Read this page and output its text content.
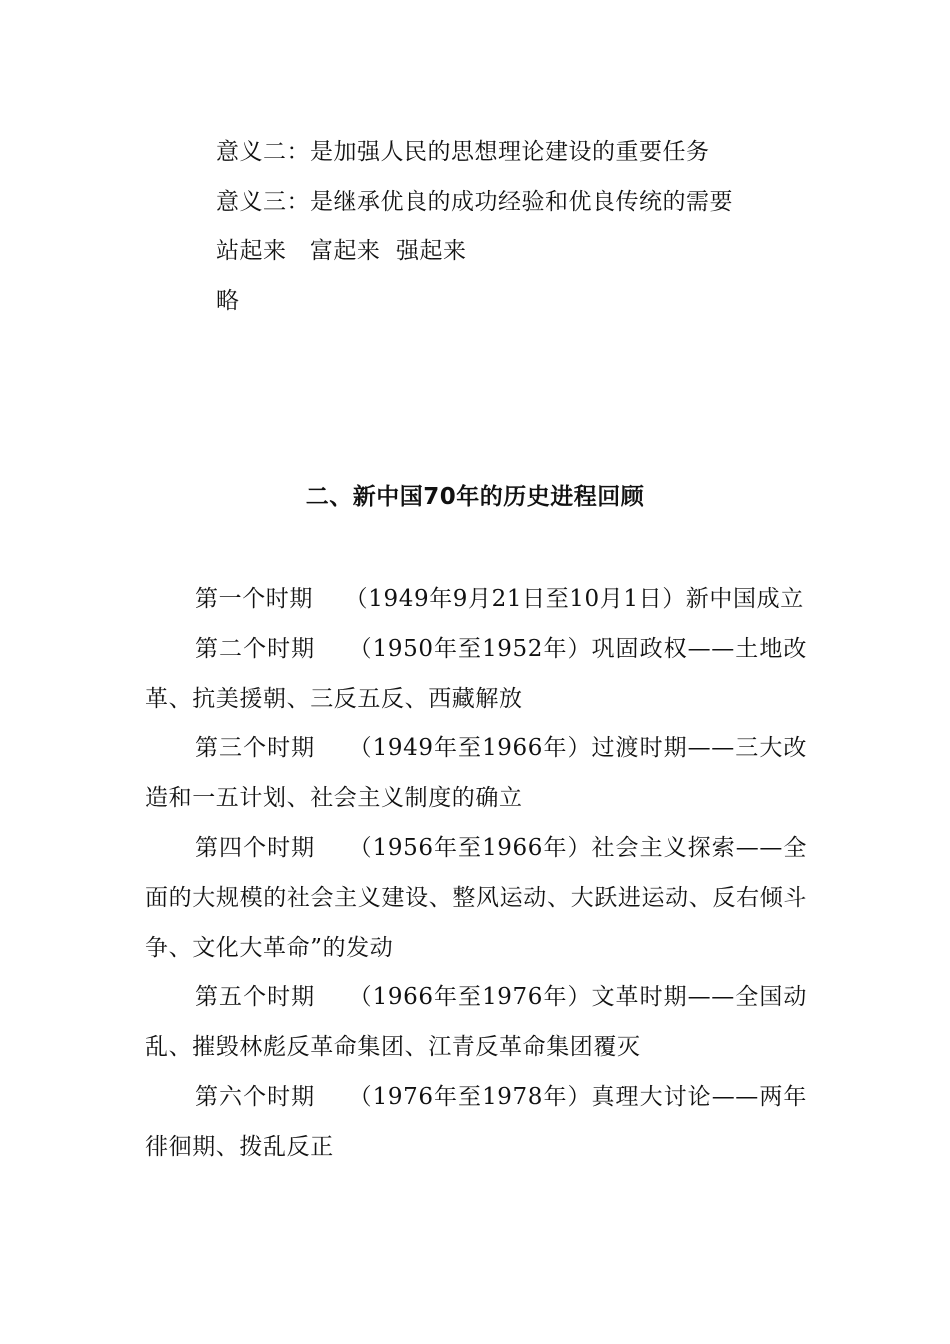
意义二：是加强人民的思想理论建设的重要任务
意义三：是继承优良的成功经验和优良传统的需要
站起来   富起来  强起来
略
二、新中国70年的历史进程回顾

第一个时期 （1949年9月21日至10月1日）新中国成立

第二个时期 （1950年至1952年）巩固政权——土地改革、抗美援朝、三反五反、西藏解放

第三个时期 （1949年至1966年）过渡时期——三大改造和一五计划、社会主义制度的确立

第四个时期 （1956年至1966年）社会主义探索——全面的大规模的社会主义建设、整风运动、大跃进运动、反右倾斗争、文化大革命”的发动

第五个时期 （1966年至1976年）文革时期——全国动乱、摧毁林彪反革命集团、江青反革命集团覆灭

第六个时期 （1976年至1978年）真理大讨论——两年徘徊期、拨乱反正
